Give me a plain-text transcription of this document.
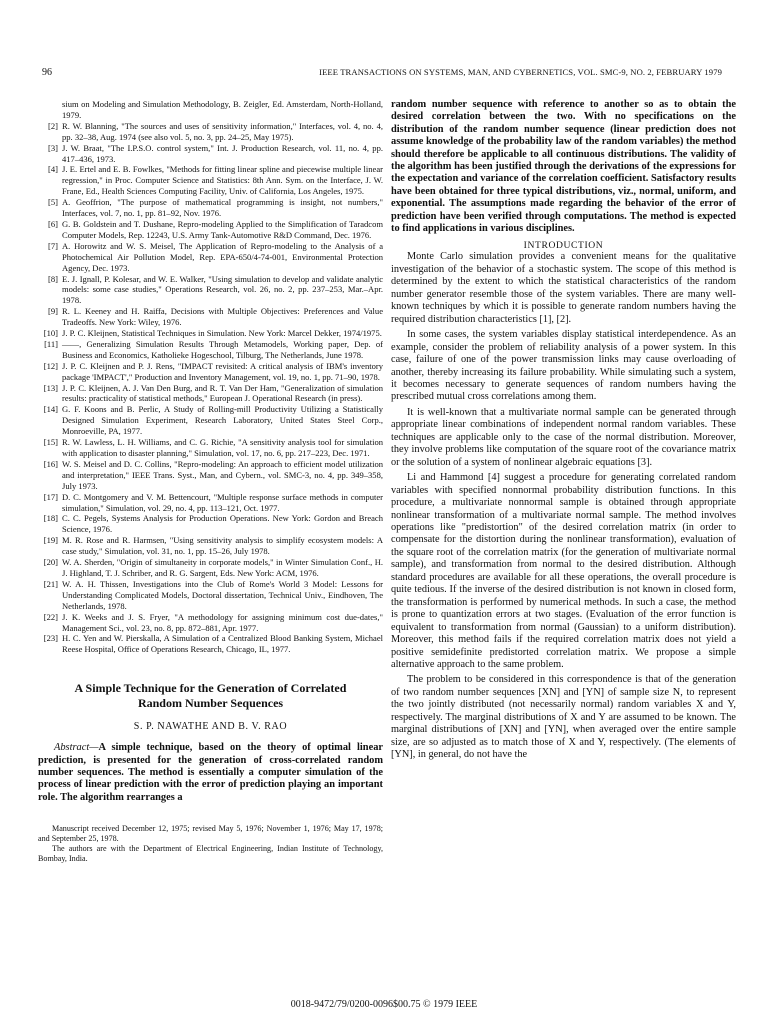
96	IEEE TRANSACTIONS ON SYSTEMS, MAN, AND CYBERNETICS, VOL. SMC-9, NO. 2, FEBRUARY 1979
sium on Modeling and Simulation Methodology, B. Zeigler, Ed. Amsterdam, North-Holland, 1979.
[2] R. W. Blanning, "The sources and uses of sensitivity information," Interfaces, vol. 4, no. 4, pp. 32–38, Aug. 1974 (see also vol. 5, no. 3, pp. 24–25, May 1975).
[3] J. W. Braat, "The I.P.S.O. control system," Int. J. Production Research, vol. 11, no. 4, pp. 417–436, 1973.
[4] J. E. Ertel and E. B. Fowlkes, "Methods for fitting linear spline and piecewise multiple linear regression," in Proc. Computer Science and Statistics: 8th Ann. Sym. on the Interface, J. W. Frane, Ed., Health Sciences Computing Facility, Univ. of California, Los Angeles, 1975.
[5] A. Geoffrion, "The purpose of mathematical programming is insight, not numbers," Interfaces, vol. 7, no. 1, pp. 81–92, Nov. 1976.
[6] G. B. Goldstein and T. Dushane, Repro-modeling Applied to the Simplification of Taradcom Computer Models, Rep. 12243, U.S. Army Tank-Automotive R&D Command, Dec. 1976.
[7] A. Horowitz and W. S. Meisel, The Application of Repro-modeling to the Analysis of a Photochemical Air Pollution Model, Rep. EPA-650/4-74-001, Environmental Protection Agency, Dec. 1973.
[8] E. J. Ignall, P. Kolesar, and W. E. Walker, "Using simulation to develop and validate analytic models: some case studies," Operations Research, vol. 26, no. 2, pp. 237–253, Mar.–Apr. 1978.
[9] R. L. Keeney and H. Raiffa, Decisions with Multiple Objectives: Preferences and Value Tradeoffs. New York: Wiley, 1976.
[10] J. P. C. Kleijnen, Statistical Techniques in Simulation. New York: Marcel Dekker, 1974/1975.
[11] ——, Generalizing Simulation Results Through Metamodels, Working paper, Dep. of Business and Economics, Katholieke Hogeschool, Tilburg, The Netherlands, June 1978.
[12] J. P. C. Kleijnen and P. J. Rens, "IMPACT revisited: A critical analysis of IBM's inventory package 'IMPACT'," Production and Inventory Management, vol. 19, no. 1, pp. 71–90, 1978.
[13] J. P. C. Kleijnen, A. J. Van Den Burg, and R. T. Van Der Ham, "Generalization of simulation results: practicality of statistical methods," European J. Operational Research (in press).
[14] G. F. Koons and B. Perlic, A Study of Rolling-mill Productivity Utilizing a Statistically Designed Simulation Experiment, Research Laboratory, United States Steel Corp., Monroeville, PA, 1977.
[15] R. W. Lawless, L. H. Williams, and C. G. Richie, "A sensitivity analysis tool for simulation with application to disaster planning," Simulation, vol. 17, no. 6, pp. 217–223, Dec. 1971.
[16] W. S. Meisel and D. C. Collins, "Repro-modeling: An approach to efficient model utilization and interpretation," IEEE Trans. Syst., Man, and Cybern., vol. SMC-3, no. 4, pp. 349–358, July 1973.
[17] D. C. Montgomery and V. M. Bettencourt, "Multiple response surface methods in computer simulation," Simulation, vol. 29, no. 4, pp. 113–121, Oct. 1977.
[18] C. C. Pegels, Systems Analysis for Production Operations. New York: Gordon and Breach Science, 1976.
[19] M. R. Rose and R. Harmsen, "Using sensitivity analysis to simplify ecosystem models: A case study," Simulation, vol. 31, no. 1, pp. 15–26, July 1978.
[20] W. A. Sherden, "Origin of simultaneity in corporate models," in Winter Simulation Conf., H. J. Highland, T. J. Schriber, and R. G. Sargent, Eds. New York: ACM, 1976.
[21] W. A. H. Thissen, Investigations into the Club of Rome's World 3 Model: Lessons for Understanding Complicated Models, Doctoral dissertation, Technical Univ., Eindhoven, The Netherlands, 1978.
[22] J. K. Weeks and J. S. Fryer, "A methodology for assigning minimum cost due-dates," Management Sci., vol. 23, no. 8, pp. 872–881, Apr. 1977.
[23] H. C. Yen and W. Pierskalla, A Simulation of a Centralized Blood Banking System, Michael Reese Hospital, Office of Operations Research, Chicago, IL, 1977.
A Simple Technique for the Generation of Correlated Random Number Sequences
S. P. NAWATHE AND B. V. RAO
Abstract—A simple technique, based on the theory of optimal linear prediction, is presented for the generation of cross-correlated random number sequences. The method is essentially a computer simulation of the process of linear prediction with the error of prediction playing an important role. The algorithm rearranges a

Manuscript received December 12, 1975; revised May 5, 1976; November 1, 1976; May 17, 1978; and September 25, 1978.

The authors are with the Department of Electrical Engineering, Indian Institute of Technology, Bombay, India.

random number sequence with reference to another so as to obtain the desired correlation between the two. With no specifications on the distribution of the random number sequence (linear prediction does not assume knowledge of the probability law of the random variables) the method should therefore be applicable to all continuous distributions. The validity of the algorithm has been justified through the derivations of the expressions for the expectation and variance of the correlation coefficient. Satisfactory results have been obtained for three typical distributions, viz., normal, uniform, and exponential. The assumptions made regarding the behavior of the error of prediction have been verified through computations. The method is expected to find applications in various disciplines.
INTRODUCTION

Monte Carlo simulation provides a convenient means for the qualitative investigation of the behavior of a stochastic system. The scope of this method is determined by the extent to which the statistical characteristics of the random number generator resemble those of the system variables. There are many well-known techniques by which it is possible to generate random numbers having the required distribution characteristics [1], [2].

In some cases, the system variables display statistical interdependence. As an example, consider the problem of reliability analysis of a power system. In this case, failure of one of the power transmission links may cause overloading of another, thereby increasing its failure probability. While simulating such a system, it becomes necessary to generate sequences of random numbers having the prescribed mutual cross correlations among them.

It is well-known that a multivariate normal sample can be generated through appropriate linear combinations of independent normal random variables. These techniques are applicable only to the case of the normal distribution. Moreover, they involve problems like computation of the square root of the covariance matrix or the solution of a system of nonlinear algebraic equations [3].

Li and Hammond [4] suggest a procedure for generating correlated random variables with specified nonnormal probability distribution functions. In this procedure, a multivariate nonnormal sample is obtained through appropriate nonlinear transformation of a multivariate normal sample. The method involves operations like "predistortion" of the desired correlation matrix (in order to compensate for the distortion during the nonlinear transformation), evaluation of the square root of the correlation matrix (for the generation of multivariate normal sample), and transformation from normal to the desired distribution. Although standard procedures are available for all these operations, the overall procedure is quite tedious. If the inverse of the desired distribution is not known in closed form, the transformation is performed by numerical methods. In such a case, the method is prone to quantization errors at two stages. (Evaluation of the error function is equivalent to transformation from normal (Gaussian) to a uniform distribution). Moreover, this method fails if the required correlation matrix does not yield a positive semidefinite predistorted correlation matrix. We propose a simple alternative approach to the same problem.

The problem to be considered in this correspondence is that of the generation of two random number sequences [XN] and [YN] of sample size N, to represent the two jointly distributed (not necessarily normal) random variables X and Y, respectively. The marginal distributions of X and Y are assumed to be known. The marginal distributions of [XN] and [YN], when averaged over the entire sample size, are so adjusted as to match those of X and Y, respectively. (The elements of [YN], in general, do not have the

0018-9472/79/0200-0096$00.75 © 1979 IEEE
